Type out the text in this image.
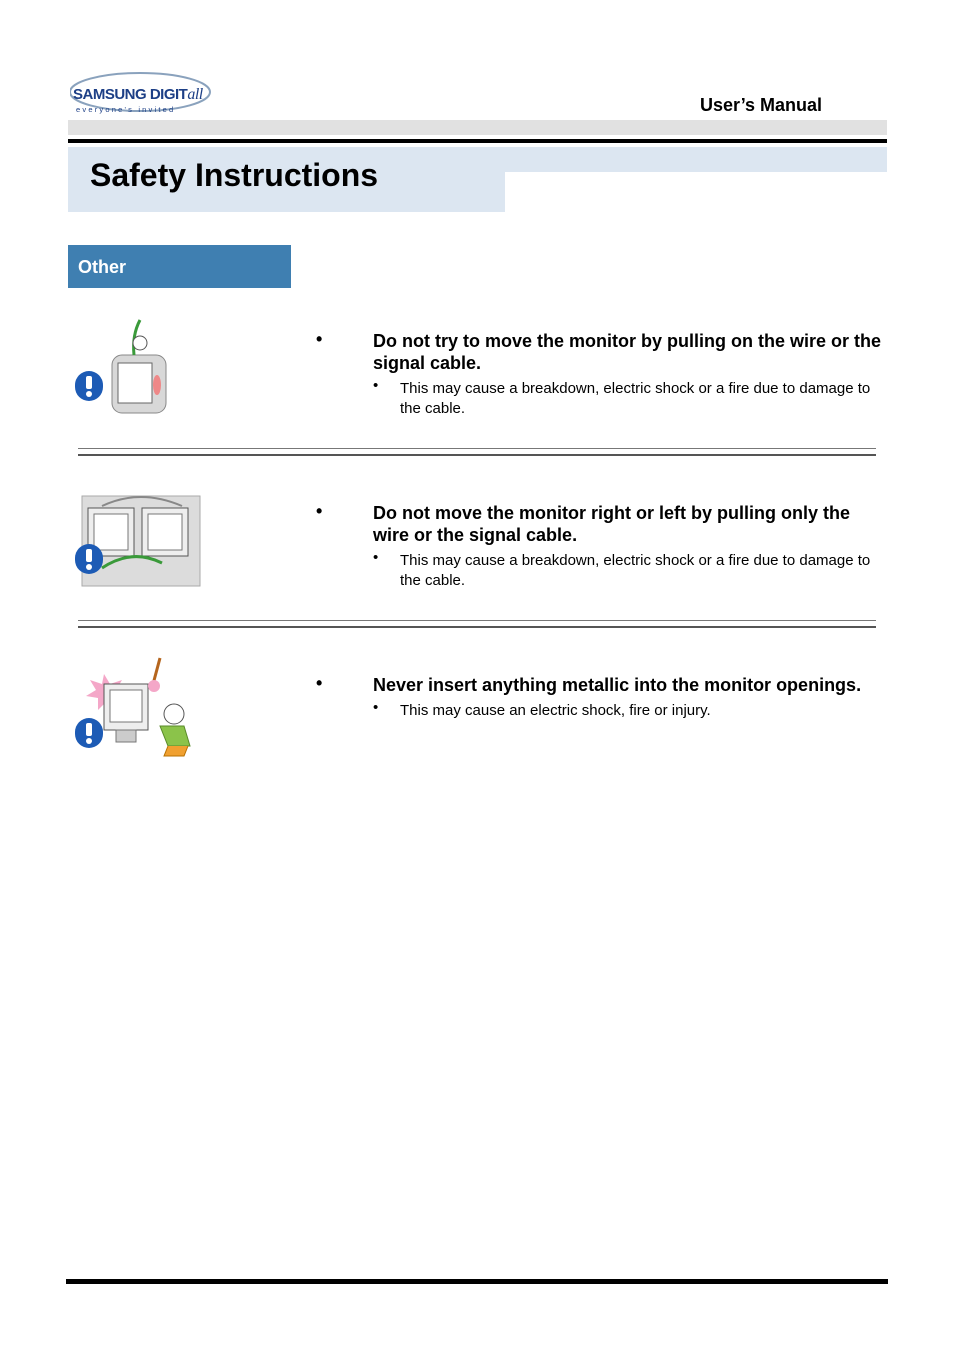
SAMSUNG DIGITall
everyone's invited	User’s Manual
Safety Instructions
Other
•	Do not try to move the monitor by pulling on the wire or the signal cable.
• This may cause a breakdown, electric shock or a fire due to damage to the cable.
•	Do not move the monitor right or left by pulling only the wire or the signal cable.
• This may cause a breakdown, electric shock or a fire due to damage to the cable.
•	Never insert anything metallic into the monitor openings.
• This may cause an electric shock, fire or injury.
